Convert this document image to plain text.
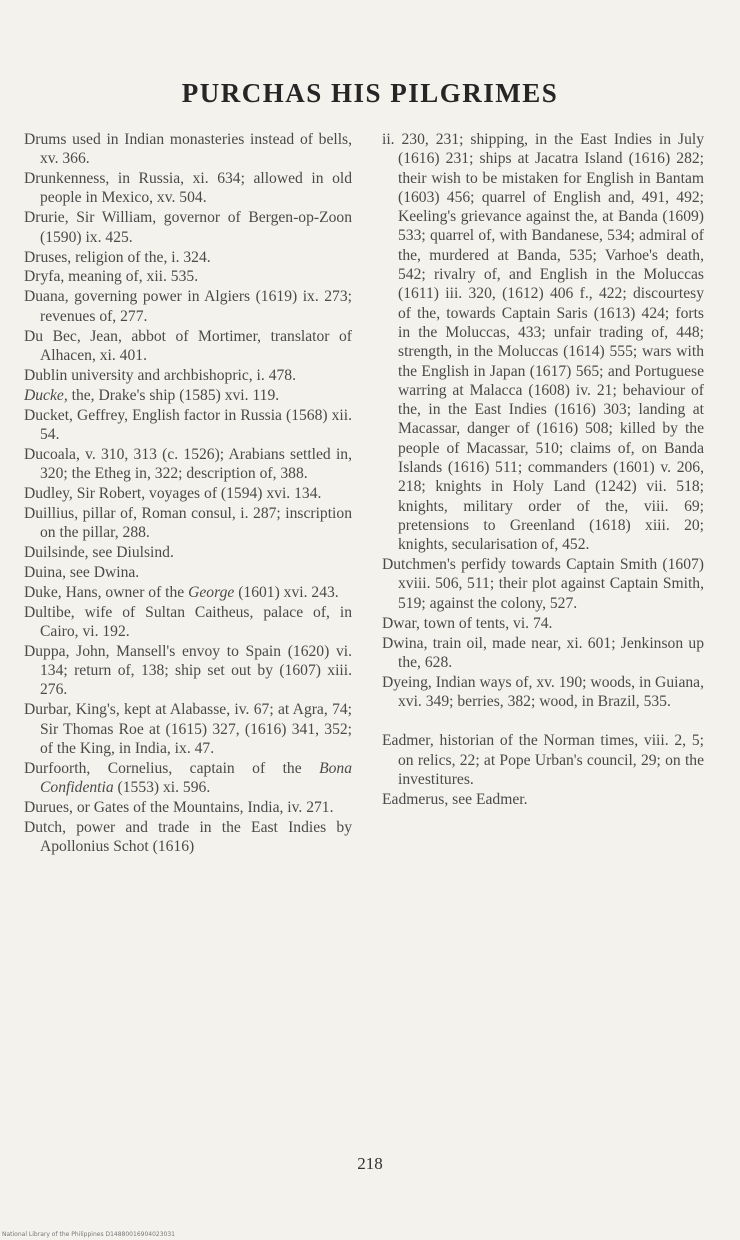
PURCHAS HIS PILGRIMES
Drums used in Indian monasteries instead of bells, xv. 366.
Drunkenness, in Russia, xi. 634; allowed in old people in Mexico, xv. 504.
Drurie, Sir William, governor of Bergen-op-Zoon (1590) ix. 425.
Druses, religion of the, i. 324.
Dryfa, meaning of, xii. 535.
Duana, governing power in Algiers (1619) ix. 273; revenues of, 277.
Du Bec, Jean, abbot of Mortimer, translator of Alhacen, xi. 401.
Dublin university and archbishopric, i. 478.
Ducke, the, Drake's ship (1585) xvi. 119.
Ducket, Geffrey, English factor in Russia (1568) xii. 54.
Ducoala, v. 310, 313 (c. 1526); Arabians settled in, 320; the Etheg in, 322; description of, 388.
Dudley, Sir Robert, voyages of (1594) xvi. 134.
Duillius, pillar of, Roman consul, i. 287; inscription on the pillar, 288.
Duilsinde, see Diulsind.
Duina, see Dwina.
Duke, Hans, owner of the George (1601) xvi. 243.
Dultibe, wife of Sultan Caitheus, palace of, in Cairo, vi. 192.
Duppa, John, Mansell's envoy to Spain (1620) vi. 134; return of, 138; ship set out by (1607) xiii. 276.
Durbar, King's, kept at Alabasse, iv. 67; at Agra, 74; Sir Thomas Roe at (1615) 327, (1616) 341, 352; of the King, in India, ix. 47.
Durfoorth, Cornelius, captain of the Bona Confidentia (1553) xi. 596.
Durues, or Gates of the Mountains, India, iv. 271.
Dutch, power and trade in the East Indies by Apollonius Schot (1616)
ii. 230, 231; shipping, in the East Indies in July (1616) 231; ships at Jacatra Island (1616) 282; their wish to be mistaken for English in Bantam (1603) 456; quarrel of English and, 491, 492; Keeling's grievance against the, at Banda (1609) 533; quarrel of, with Bandanese, 534; admiral of the, murdered at Banda, 535; Varhoe's death, 542; rivalry of, and English in the Moluccas (1611) iii. 320, (1612) 406 f., 422; discourtesy of the, towards Captain Saris (1613) 424; forts in the Moluccas, 433; unfair trading of, 448; strength, in the Moluccas (1614) 555; wars with the English in Japan (1617) 565; and Portuguese warring at Malacca (1608) iv. 21; behaviour of the, in the East Indies (1616) 303; landing at Macassar, danger of (1616) 508; killed by the people of Macassar, 510; claims of, on Banda Islands (1616) 511; commanders (1601) v. 206, 218; knights in Holy Land (1242) vii. 518; knights, military order of the, viii. 69; pretensions to Greenland (1618) xiii. 20; knights, secularisation of, 452.
Dutchmen's perfidy towards Captain Smith (1607) xviii. 506, 511; their plot against Captain Smith, 519; against the colony, 527.
Dwar, town of tents, vi. 74.
Dwina, train oil, made near, xi. 601; Jenkinson up the, 628.
Dyeing, Indian ways of, xv. 190; woods, in Guiana, xvi. 349; berries, 382; wood, in Brazil, 535.
Eadmer, historian of the Norman times, viii. 2, 5; on relics, 22; at Pope Urban's council, 29; on the investitures.
Eadmerus, see Eadmer.
218
National Library of the Philippines D14880016904023031
